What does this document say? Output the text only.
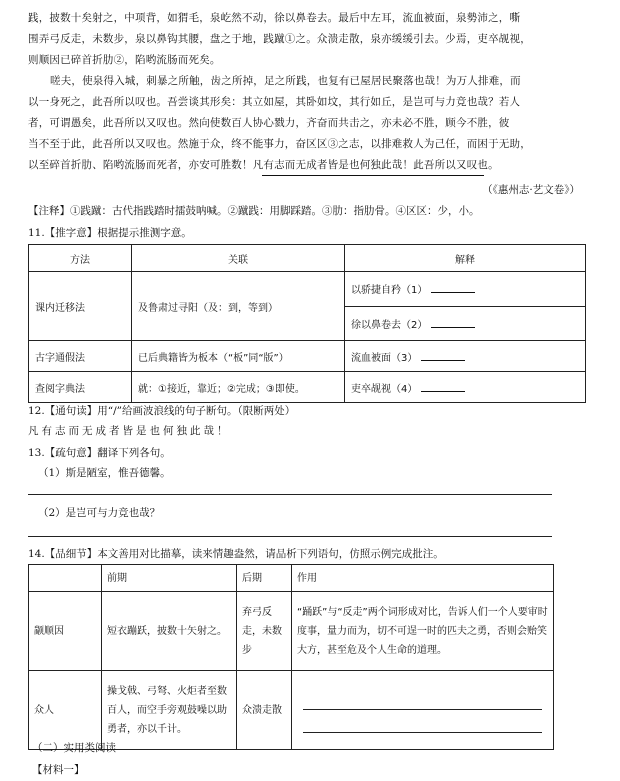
践，披数十矣射之，中项背，如猬毛，泉屹然不动，徐以鼻卷去。最后中左耳，流血被面，泉勢沛之，嘶
围弄弓反走，未数步，泉以鼻钩其腰，盘之于地，践蹴①之。众溃走散，泉亦缓缓引去。少焉，吏卒觇视，
则顺因已碎首折肋②，陷哟流肠而死矣。
嗟夫，使泉得入城，刺暴之所触，齿之所掉，足之所践，也复有已屋居民聚落也哉！为万人排难，而
以一身死之，此吾所以叹也。吾尝谈其形矣：其立如屋，其卧如坟，其行如丘，是岂可与力竞也哉？若人
者，可谓愚矣，此吾所以又叹也。然向使数百人协心戮力，齐奋而共击之，亦未必不胜，顾今不胜，彼
当不至于此，此吾所以又叹也。然施于众，终不能事力，奋区区③之志，以排难救人为己任，而困于无助，
以至碎首折肋、陷哟流肠而死者，亦安可胜数！凡有志而无成者皆是也何独此哉！此吾所以又叹也。
（《惠州志·艺文卷》）
【注释】①践蹴：古代指践踏时擂鼓呐喊。②蹴践：用脚踩踏。③肋：指肋骨。④区区：少，小。
11.【推字意】根据提示推测字意。
方法	关联	解释
课内迁移法	及鲁肃过寻阳（及：到，等到）	以骄捷自矜（1）
		徐以鼻卷去（2）
古字通假法	已后典籍皆为板本（“板”同“版”）	流血被面（3）
查阅字典法	就：①接近，靠近；②完成；③即使。	吏卒觇视（4）
12.【通句读】用“/”给画波浪线的句子断句。（限断两处）
凡有志而无成者皆是也何独此哉！
13.【疏句意】翻译下列各句。
（1）斯是陋室，惟吾德馨。
（2）是岂可与力竞也哉？
14.【品细节】本文善用对比描摹，读来情趣盎然，请品析下列语句，仿照示例完成批注。
	前期	后期	作用
颛顺因	短衣蹦跃，披数十矢射之。	弃弓反走，未数步	“踊跃”与“反走”两个词形成对比，告诉人们一个人要审时度事，量力而为，切不可逞一时的匹夫之勇，否则会贻笑大方，甚至危及个人生命的道理。
众人	操戈戟、弓弩、火炬者至数百人，而空手旁观鼓噪以助勇者，亦以千计。	众溃走散	
（二）实用类阅读
【材料一】
